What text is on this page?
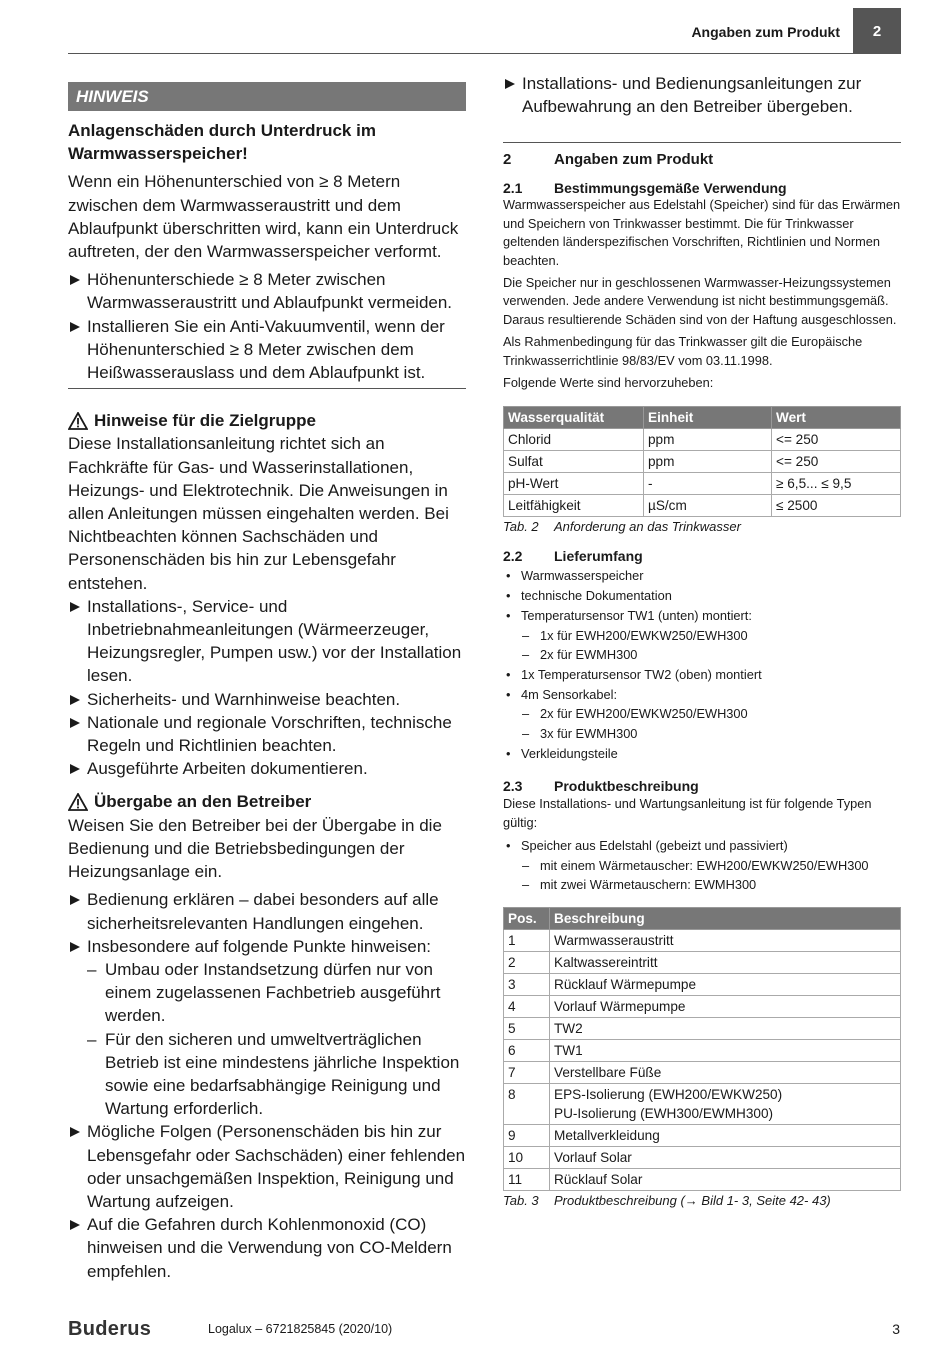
Angaben zum Produkt	2
HINWEIS

Anlagenschäden durch Unterdruck im Warmwasserspeicher!

Wenn ein Höhenunterschied von ≥ 8 Metern zwischen dem Warmwasseraustritt und dem Ablaufpunkt überschritten wird, kann ein Unterdruck auftreten, der den Warmwasserspeicher verformt.

Höhenunterschiede ≥ 8 Meter zwischen Warmwasseraustritt und Ablaufpunkt vermeiden.
Installieren Sie ein Anti-Vakuumventil, wenn der Höhenunterschied ≥ 8 Meter zwischen dem Heißwasserauslass und dem Ablaufpunkt ist.
Hinweise für die Zielgruppe

Diese Installationsanleitung richtet sich an Fachkräfte für Gas- und Wasserinstallationen, Heizungs- und Elektrotechnik. Die Anweisungen in allen Anleitungen müssen eingehalten werden. Bei Nichtbeachten können Sachschäden und Personenschäden bis hin zur Lebensgefahr entstehen.

Installations-, Service- und Inbetriebnahmeanleitungen (Wärmeerzeuger, Heizungsregler, Pumpen usw.) vor der Installation lesen.
Sicherheits- und Warnhinweise beachten.
Nationale und regionale Vorschriften, technische Regeln und Richtlinien beachten.
Ausgeführte Arbeiten dokumentieren.
Übergabe an den Betreiber

Weisen Sie den Betreiber bei der Übergabe in die Bedienung und die Betriebsbedingungen der Heizungsanlage ein.

Bedienung erklären – dabei besonders auf alle sicherheitsrelevanten Handlungen eingehen.
Insbesondere auf folgende Punkte hinweisen:
– Umbau oder Instandsetzung dürfen nur von einem zugelassenen Fachbetrieb ausgeführt werden.
– Für den sicheren und umweltverträglichen Betrieb ist eine mindestens jährliche Inspektion sowie eine bedarfsabhängige Reinigung und Wartung erforderlich.
Mögliche Folgen (Personenschäden bis hin zur Lebensgefahr oder Sachschäden) einer fehlenden oder unsachgemäßen Inspektion, Reinigung und Wartung aufzeigen.
Auf die Gefahren durch Kohlenmonoxid (CO) hinweisen und die Verwendung von CO-Meldern empfehlen.
Installations- und Bedienungsanleitungen zur Aufbewahrung an den Betreiber übergeben.
2	Angaben zum Produkt
2.1	Bestimmungsgemäße Verwendung

Warmwasserspeicher aus Edelstahl (Speicher) sind für das Erwärmen und Speichern von Trinkwasser bestimmt. Die für Trinkwasser geltenden länderspezifischen Vorschriften, Richtlinien und Normen beachten.

Die Speicher nur in geschlossenen Warmwasser-Heizungssystemen verwenden. Jede andere Verwendung ist nicht bestimmungsgemäß. Daraus resultierende Schäden sind von der Haftung ausgeschlossen.

Als Rahmenbedingung für das Trinkwasser gilt die Europäische Trinkwasserrichtlinie 98/83/EV vom 03.11.1998.

Folgende Werte sind hervorzuheben:

Wasserqualität	Einheit	Wert
Chlorid	ppm	<= 250
Sulfat	ppm	<= 250
pH-Wert	-	≥ 6,5... ≤ 9,5
Leitfähigkeit	µS/cm	≤ 2500
Tab. 2	Anforderung an das Trinkwasser
2.2	Lieferumfang
• Warmwasserspeicher
• technische Dokumentation
• Temperatursensor TW1 (unten) montiert:
– 1x für EWH200/EWKW250/EWH300
– 2x für EWMH300
• 1x Temperatursensor TW2 (oben) montiert
• 4m Sensorkabel:
– 2x für EWH200/EWKW250/EWH300
– 3x für EWMH300
• Verkleidungsteile
2.3	Produktbeschreibung

Diese Installations- und Wartungsanleitung ist für folgende Typen gültig:

• Speicher aus Edelstahl (gebeizt und passiviert)
– mit einem Wärmetauscher: EWH200/EWKW250/EWH300
– mit zwei Wärmetauschern: EWMH300
Pos.	Beschreibung
1	Warmwasseraustritt
2	Kaltwassereintritt
3	Rücklauf Wärmepumpe
4	Vorlauf Wärmepumpe
5	TW2
6	TW1
7	Verstellbare Füße
8	EPS-Isolierung (EWH200/EWKW250)
PU-Isolierung (EWH300/EWMH300)

9	Metallverkleidung
10	Vorlauf Solar
11	Rücklauf Solar
Tab. 3	Produktbeschreibung (→ Bild 1- 3, Seite 42- 43)
Buderus	Logalux – 6721825845 (2020/10)	3
